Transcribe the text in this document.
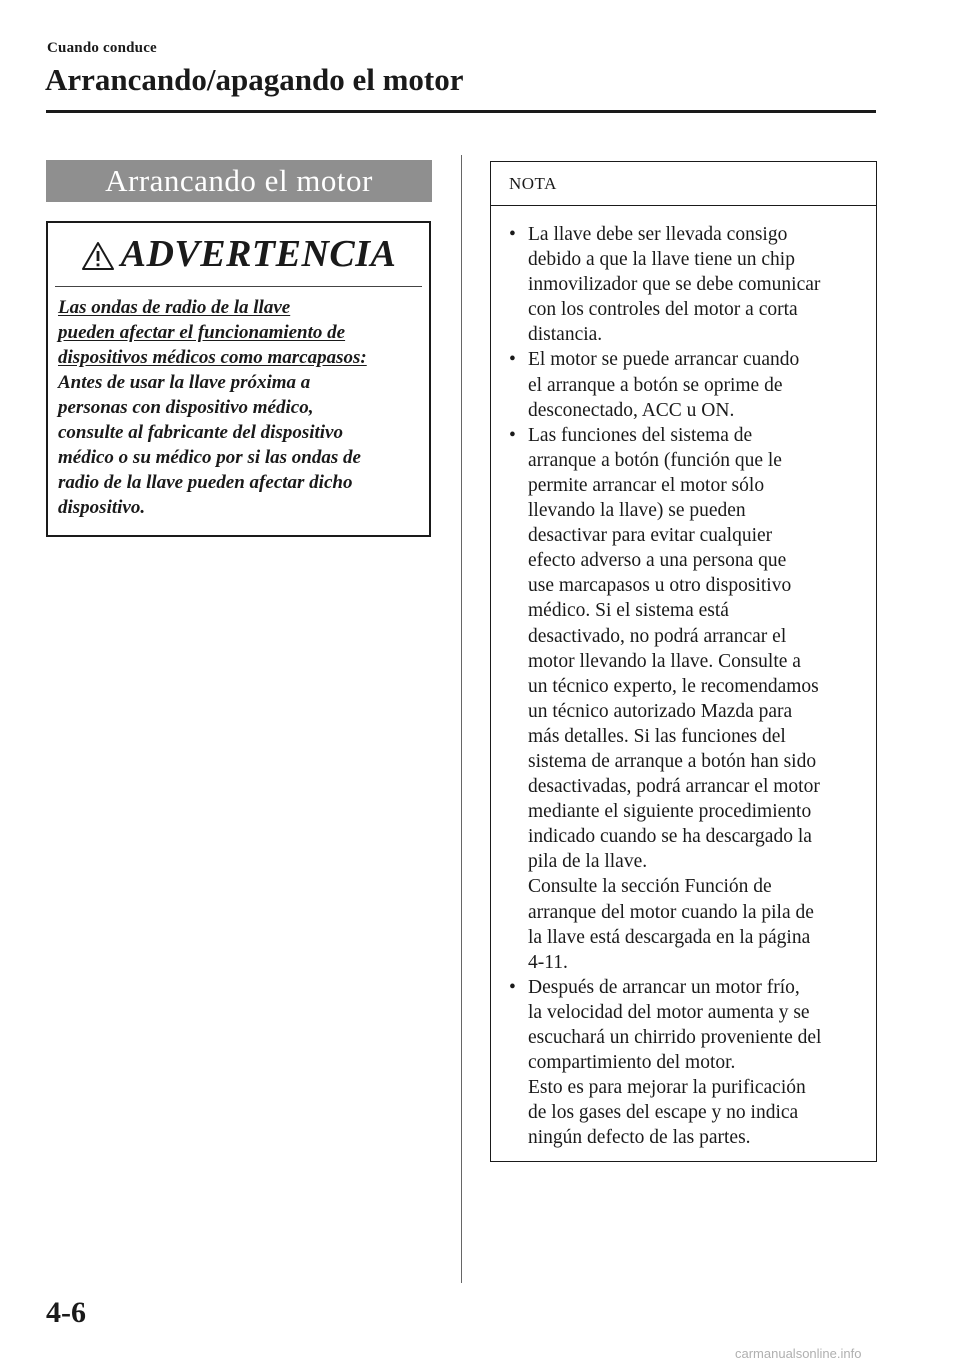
Cuando conduce
Arrancando/apagando el motor
Arrancando el motor
ADVERTENCIA
Las ondas de radio de la llave
pueden afectar el funcionamiento de
dispositivos médicos como marcapasos:
Antes de usar la llave próxima a
personas con dispositivo médico,
consulte al fabricante del dispositivo
médico o su médico por si las ondas de
radio de la llave pueden afectar dicho
dispositivo.
NOTA
• La llave debe ser llevada consigo
debido a que la llave tiene un chip
inmovilizador que se debe comunicar
con los controles del motor a corta
distancia.
• El motor se puede arrancar cuando
el arranque a botón se oprime de
desconectado, ACC u ON.
• Las funciones del sistema de
arranque a botón (función que le
permite arrancar el motor sólo
llevando la llave) se pueden
desactivar para evitar cualquier
efecto adverso a una persona que
use marcapasos u otro dispositivo
médico. Si el sistema está
desactivado, no podrá arrancar el
motor llevando la llave. Consulte a
un técnico experto, le recomendamos
un técnico autorizado Mazda para
más detalles. Si las funciones del
sistema de arranque a botón han sido
desactivadas, podrá arrancar el motor
mediante el siguiente procedimiento
indicado cuando se ha descargado la
pila de la llave.
Consulte la sección Función de
arranque del motor cuando la pila de
la llave está descargada en la página
4-11.
• Después de arrancar un motor frío,
la velocidad del motor aumenta y se
escuchará un chirrido proveniente del
compartimiento del motor.
Esto es para mejorar la purificación
de los gases del escape y no indica
ningún defecto de las partes.
4-6
carmanualsonline.info
